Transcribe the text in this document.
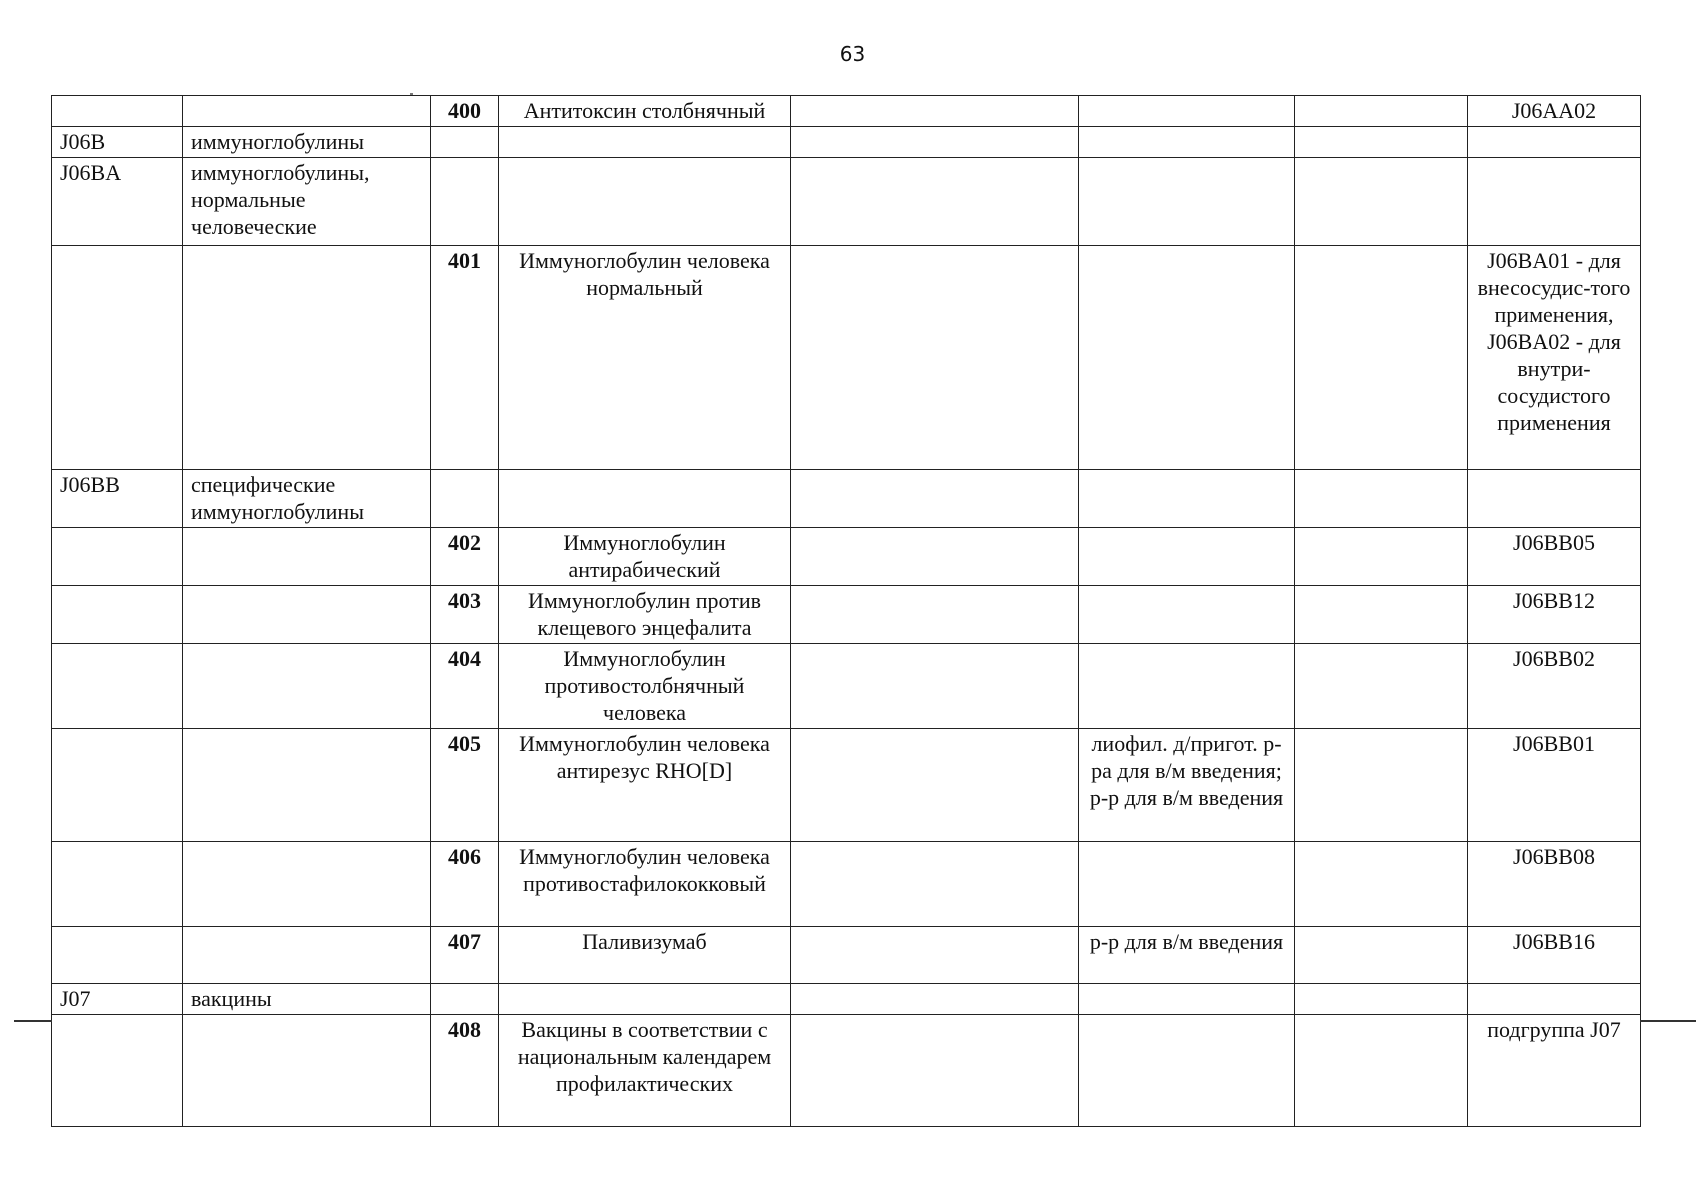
63
		400	Антитоксин столбнячный				J06AA02
J06B	иммуноглобулины						
J06BA	иммуноглобулины, нормальные человеческие						
		401	Иммуноглобулин человека нормальный				J06BA01 - для внесосудис-того применения, J06BA02 - для внутри-сосудистого применения
J06BB	специфические иммуноглобулины						
		402	Иммуноглобулин антирабический				J06BB05
		403	Иммуноглобулин против клещевого энцефалита				J06BB12
		404	Иммуноглобулин противостолбнячный человека				J06BB02
		405	Иммуноглобулин человека антирезус RHO[D]		лиофил. д/пригот. р-ра для в/м введения; р-р для в/м введения		J06BB01
		406	Иммуноглобулин человека противостафилококковый				J06BB08
		407	Паливизумаб		р-р для в/м введения		J06BB16
J07	вакцины						
		408	Вакцины в соответствии с национальным календарем профилактических				подгруппа J07
